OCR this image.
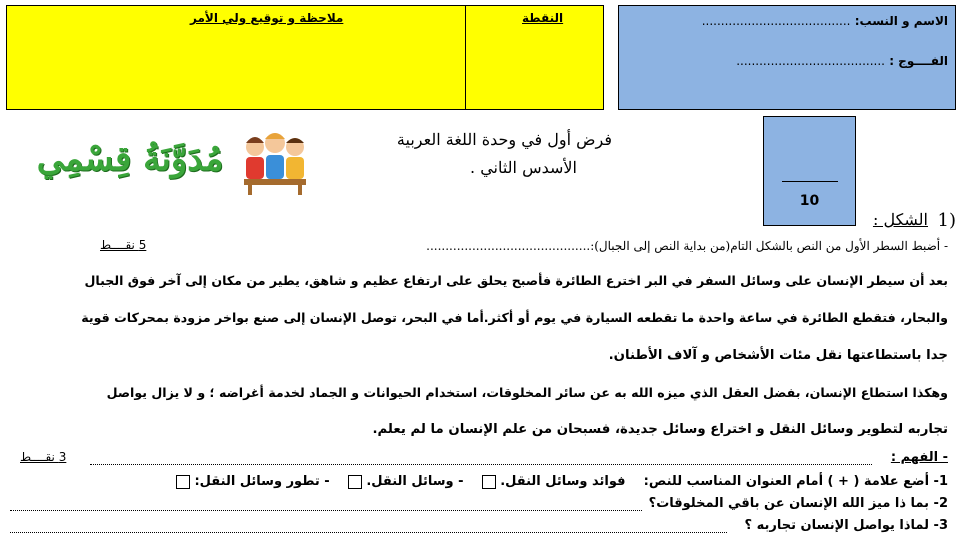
ملاحظة و توقيع ولي الأمر	النقطة	الاسم و النسب: .......................................
الفــــوج : .......................................
10
فرض أول في وحدة اللغة العربية
الأسدس الثاني .
مُدَوَّنَةُ قِسْمِي
1)
الشكل :
- أضبط السطر الأول من النص بالشكل التام(من بداية النص إلى الجبال):...........................................
5 نقــــط
بعد أن سيطر الإنسان على وسائل السفر في البر اخترع الطائرة فأصبح يحلق على ارتفاع عظيم و شاهق، يطير من مكان إلى آخر فوق الجبال
والبحار، فتقطع الطائرة في ساعة واحدة ما تقطعه السيارة في يوم أو أكثر.أما في البحر، توصل الإنسان إلى صنع بواخر مزودة بمحركات قوية
جدا باستطاعتها نقل مئات الأشخاص و آلاف الأطنان.
وهكذا استطاع الإنسان، بفضل العقل الذي ميزه الله به عن سائر المخلوقات، استخدام الحيوانات و الجماد لخدمة أغراضه ؛ و لا يزال يواصل
تجاربه لتطوير وسائل النقل و اختراع وسائل جديدة، فسبحان من علم الإنسان ما لم يعلم.
- الفهم :
3 نقــــط
1- أضع علامة ( + ) أمام العنوان المناسب للنص:    فوائد وسائل النقل.     - وسائل النقل.     - تطور وسائل النقل:
2- بما ذا ميز الله الإنسان عن باقي المخلوقات؟
3- لماذا يواصل الإنسان تجاربه ؟
